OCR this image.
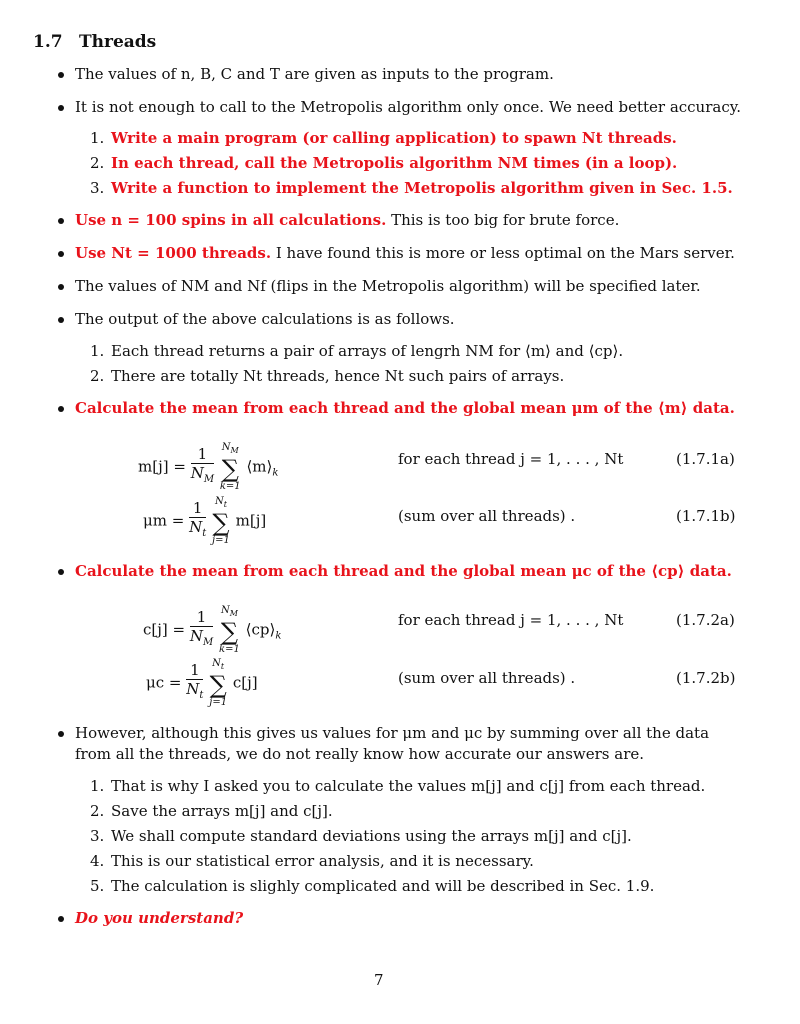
1.7 Threads
The values of n, B, C and T are given as inputs to the program.
It is not enough to call to the Metropolis algorithm only once. We need better accuracy.
1. Write a main program (or calling application) to spawn Nt threads.
2. In each thread, call the Metropolis algorithm NM times (in a loop).
3. Write a function to implement the Metropolis algorithm given in Sec. 1.5.
Use n = 100 spins in all calculations. This is too big for brute force.
Use Nt = 1000 threads. I have found this is more or less optimal on the Mars server.
The values of NM and Nf (flips in the Metropolis algorithm) will be specified later.
The output of the above calculations is as follows.
1. Each thread returns a pair of arrays of lengrh NM for ⟨m⟩ and ⟨cp⟩.
2. There are totally Nt threads, hence Nt such pairs of arrays.
Calculate the mean from each thread and the global mean μm of the ⟨m⟩ data.
$m[j] = \frac{1}{N_M}$
$N_M$
∑
k=1
$⟨m⟩_k$
for each thread j = 1, . . . , Nt	(1.7.1a)
$\mu m = \frac{1}{N_t}$
$N_t$
∑
j=1
m[j]	(sum over all threads) .	(1.7.1b)
Calculate the mean from each thread and the global mean μc of the ⟨cp⟩ data.
$c[j] = \frac{1}{N_M}$
$N_M$
∑
k=1
$⟨cp⟩_k$
for each thread j = 1, . . . , Nt	(1.7.2a)
$\mu c = \frac{1}{N_t}$
$N_t$
∑
j=1
c[j]	(sum over all threads) .	(1.7.2b)
However, although this gives us values for μm and μc by summing over all the data from all the threads, we do not really know how accurate our answers are.
1. That is why I asked you to calculate the values m[j] and c[j] from each thread.
2. Save the arrays m[j] and c[j].
3. We shall compute standard deviations using the arrays m[j] and c[j].
4. This is our statistical error analysis, and it is necessary.
5. The calculation is slighly complicated and will be described in Sec. 1.9.
Do you understand?
7
